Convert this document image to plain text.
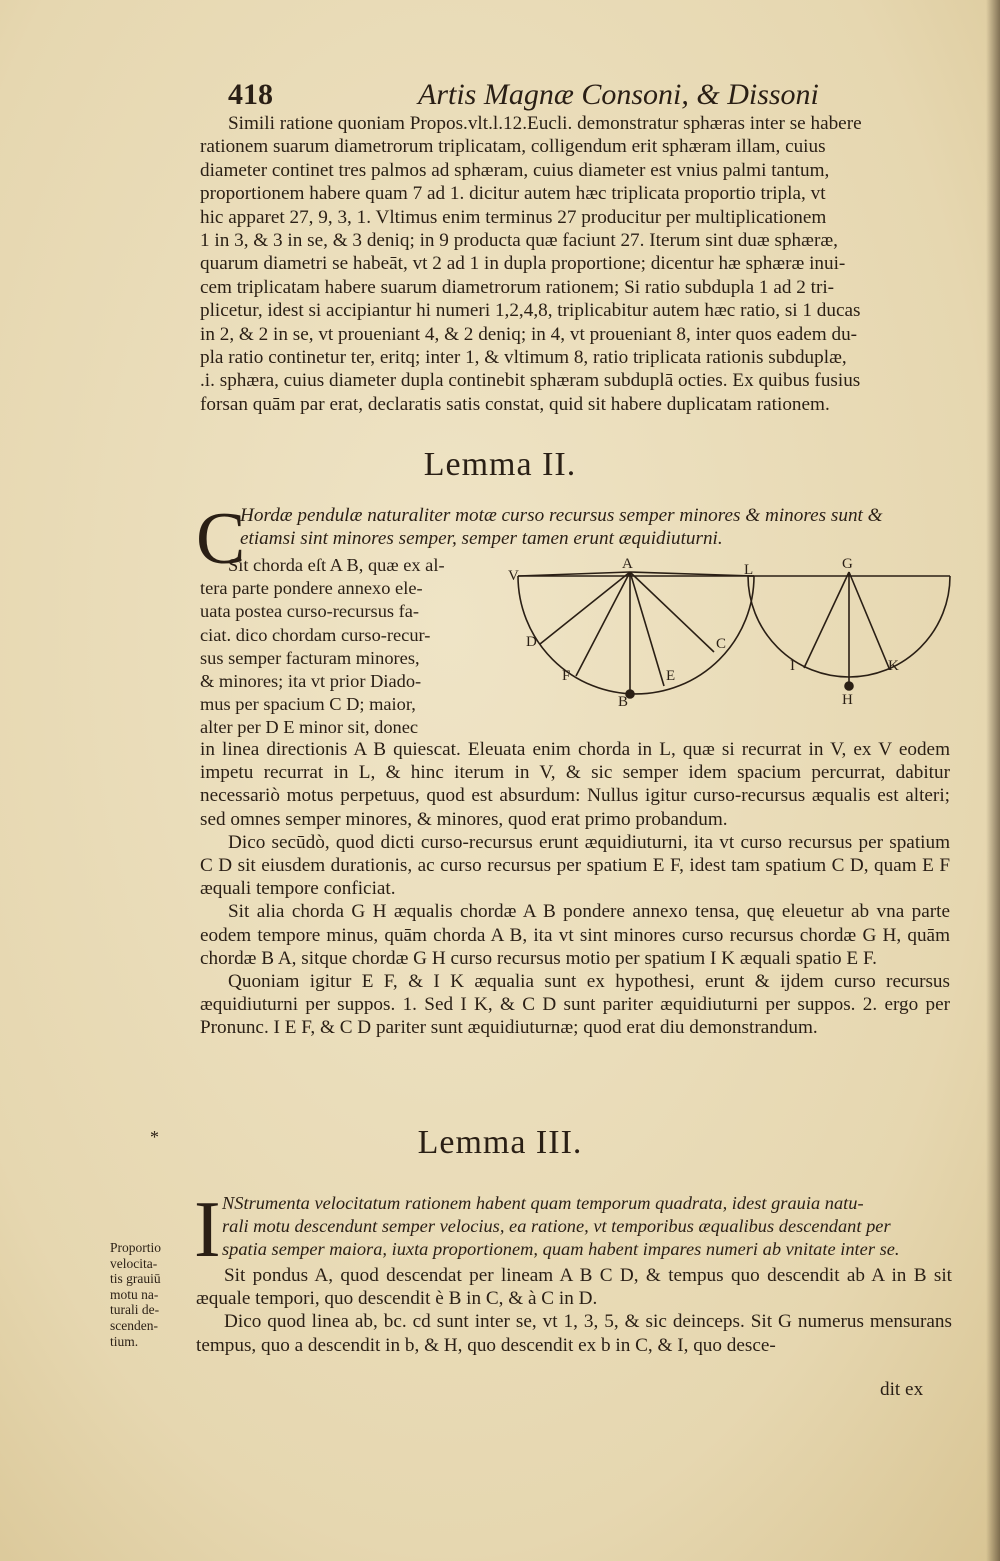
418	Artis Magnæ Consoni, & Dissoni
Simili ratione quoniam Propos.vlt.l.12.Eucli. demonstratur sphæras inter se habere
rationem suarum diametrorum triplicatam, colligendum erit sphæram illam, cuius
diameter continet tres palmos ad sphæram, cuius diameter est vnius palmi tantum,
proportionem habere quam 7 ad 1. dicitur autem hæc triplicata proportio tripla, vt
hic apparet 27, 9, 3, 1. Vltimus enim terminus 27 producitur per multiplicationem
1 in 3, & 3 in se, & 3 deniq; in 9 producta quæ faciunt 27. Iterum sint duæ sphæræ,
quarum diametri se habeāt, vt 2 ad 1 in dupla proportione; dicentur hæ sphæræ inui-
cem triplicatam habere suarum diametrorum rationem; Si ratio subdupla 1 ad 2 tri-
plicetur, idest si accipiantur hi numeri 1,2,4,8, triplicabitur autem hæc ratio, si 1 ducas
in 2, & 2 in se, vt proueniant 4, & 2 deniq; in 4, vt proueniant 8, inter quos eadem du-
pla ratio continetur ter, eritq; inter 1, & vltimum 8, ratio triplicata rationis subduplæ,
.i. sphæra, cuius diameter dupla continebit sphæram subduplā octies. Ex quibus fusius
forsan quām par erat, declaratis satis constat, quid sit habere duplicatam rationem.
Lemma II.
C
Hordæ pendulæ naturaliter motæ curso recursus semper minores & minores sunt &
etiamsi sint minores semper, semper tamen erunt æquidiuturni.
Sit chorda eſt A B, quæ ex al-
tera parte pondere annexo ele-
uata postea curso-recursus fa-
ciat. dico chordam curso-recur-
sus semper facturam minores,
& minores; ita vt prior Diado-
mus per spacium C D; maior,
alter per D E minor sit, donec
V
A	L
D	C
F	E
B
G
I	K
H

in linea directionis A B quiescat. Eleuata enim chorda in L, quæ si recurrat in V, ex V eodem impetu recurrat in L, & hinc iterum in V, & sic semper idem spacium percurrat, dabitur necessariò motus perpetuus, quod est absurdum: Nullus igitur curso-recursus æqualis est alteri; sed omnes semper minores, & minores, quod erat primo probandum.

Dico secūdò, quod dicti curso-recursus erunt æquidiuturni, ita vt curso recursus per spatium C D sit eiusdem durationis, ac curso recursus per spatium E F, idest tam spatium C D, quam E F æquali tempore conficiat.

Sit alia chorda G H æqualis chordæ A B pondere annexo tensa, quę eleuetur ab vna parte eodem tempore minus, quām chorda A B, ita vt sint minores curso recursus chordæ G H, quām chordæ B A, sitque chordæ G H curso recursus motio per spatium I K æquali spatio E F.

Quoniam igitur E F, & I K æqualia sunt ex hypothesi, erunt & ijdem curso recursus æquidiuturni per suppos. 1. Sed I K, & C D sunt pariter æquidiuturni per suppos. 2. ergo per Pronunc. I E F, & C D pariter sunt æquidiuturnæ; quod erat diu demonstrandum.

*	Lemma III.
I NStrumenta velocitatum rationem habent quam temporum quadrata, idest grauia natu-
rali motu descendunt semper velocius, ea ratione, vt temporibus æqualibus descendant per
spatia semper maiora, iuxta proportionem, quam habent impares numeri ab vnitate inter se.
Proportio
velocita-
tis grauiū
motu na-
turali de-
scenden-
tium.

Sit pondus A, quod descendat per lineam A B C D, & tempus quo descendit ab A in B sit æquale tempori, quo descendit è B in C, & à C in D.

Dico quod linea ab, bc. cd sunt inter se, vt 1, 3, 5, & sic deinceps. Sit G numerus mensurans tempus, quo a descendit in b, & H, quo descendit ex b in C, & I, quo desce-

dit ex
